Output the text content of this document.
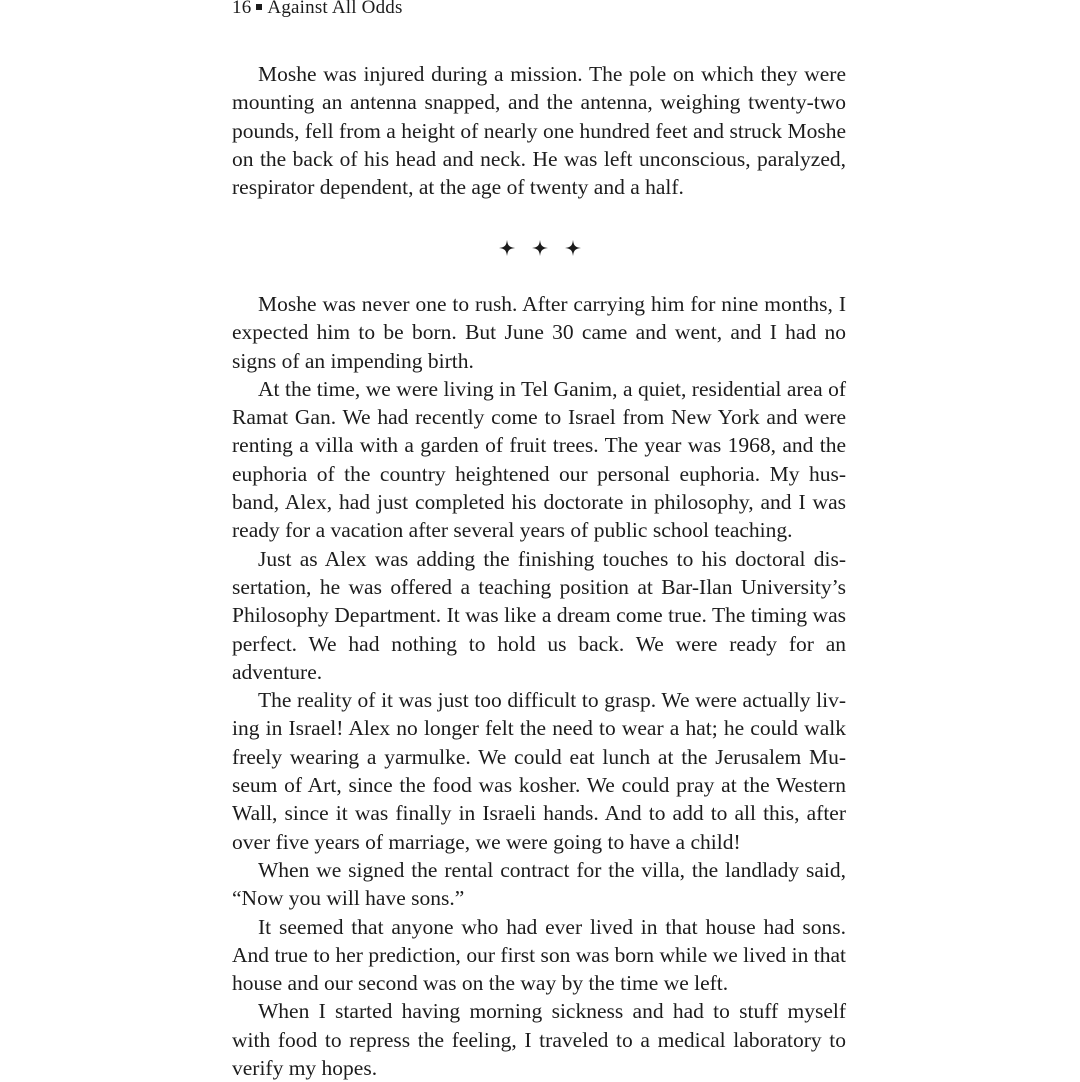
16 Against All Odds

Moshe was injured during a mission. The pole on which they were mounting an antenna snapped, and the antenna, weighing twenty-two pounds, fell from a height of nearly one hundred feet and struck Moshe on the back of his head and neck. He was left unconscious, paralyzed, respirator dependent, at the age of twenty and a half.

Moshe was never one to rush. After carrying him for nine months, I expected him to be born. But June 30 came and went, and I had no signs of an impending birth.

At the time, we were living in Tel Ganim, a quiet, residential area of Ramat Gan. We had recently come to Israel from New York and were renting a villa with a garden of fruit trees. The year was 1968, and the euphoria of the country heightened our personal euphoria. My husband, Alex, had just completed his doctorate in philosophy, and I was ready for a vacation after several years of public school teaching.

Just as Alex was adding the finishing touches to his doctoral dissertation, he was offered a teaching position at Bar-Ilan University’s Philosophy Department. It was like a dream come true. The timing was perfect. We had nothing to hold us back. We were ready for an adventure.

The reality of it was just too difficult to grasp. We were actually living in Israel! Alex no longer felt the need to wear a hat; he could walk freely wearing a yarmulke. We could eat lunch at the Jerusalem Museum of Art, since the food was kosher. We could pray at the Western Wall, since it was finally in Israeli hands. And to add to all this, after over five years of marriage, we were going to have a child!

When we signed the rental contract for the villa, the landlady said, “Now you will have sons.”

It seemed that anyone who had ever lived in that house had sons. And true to her prediction, our first son was born while we lived in that house and our second was on the way by the time we left.

When I started having morning sickness and had to stuff myself with food to repress the feeling, I traveled to a medical laboratory to verify my hopes.
